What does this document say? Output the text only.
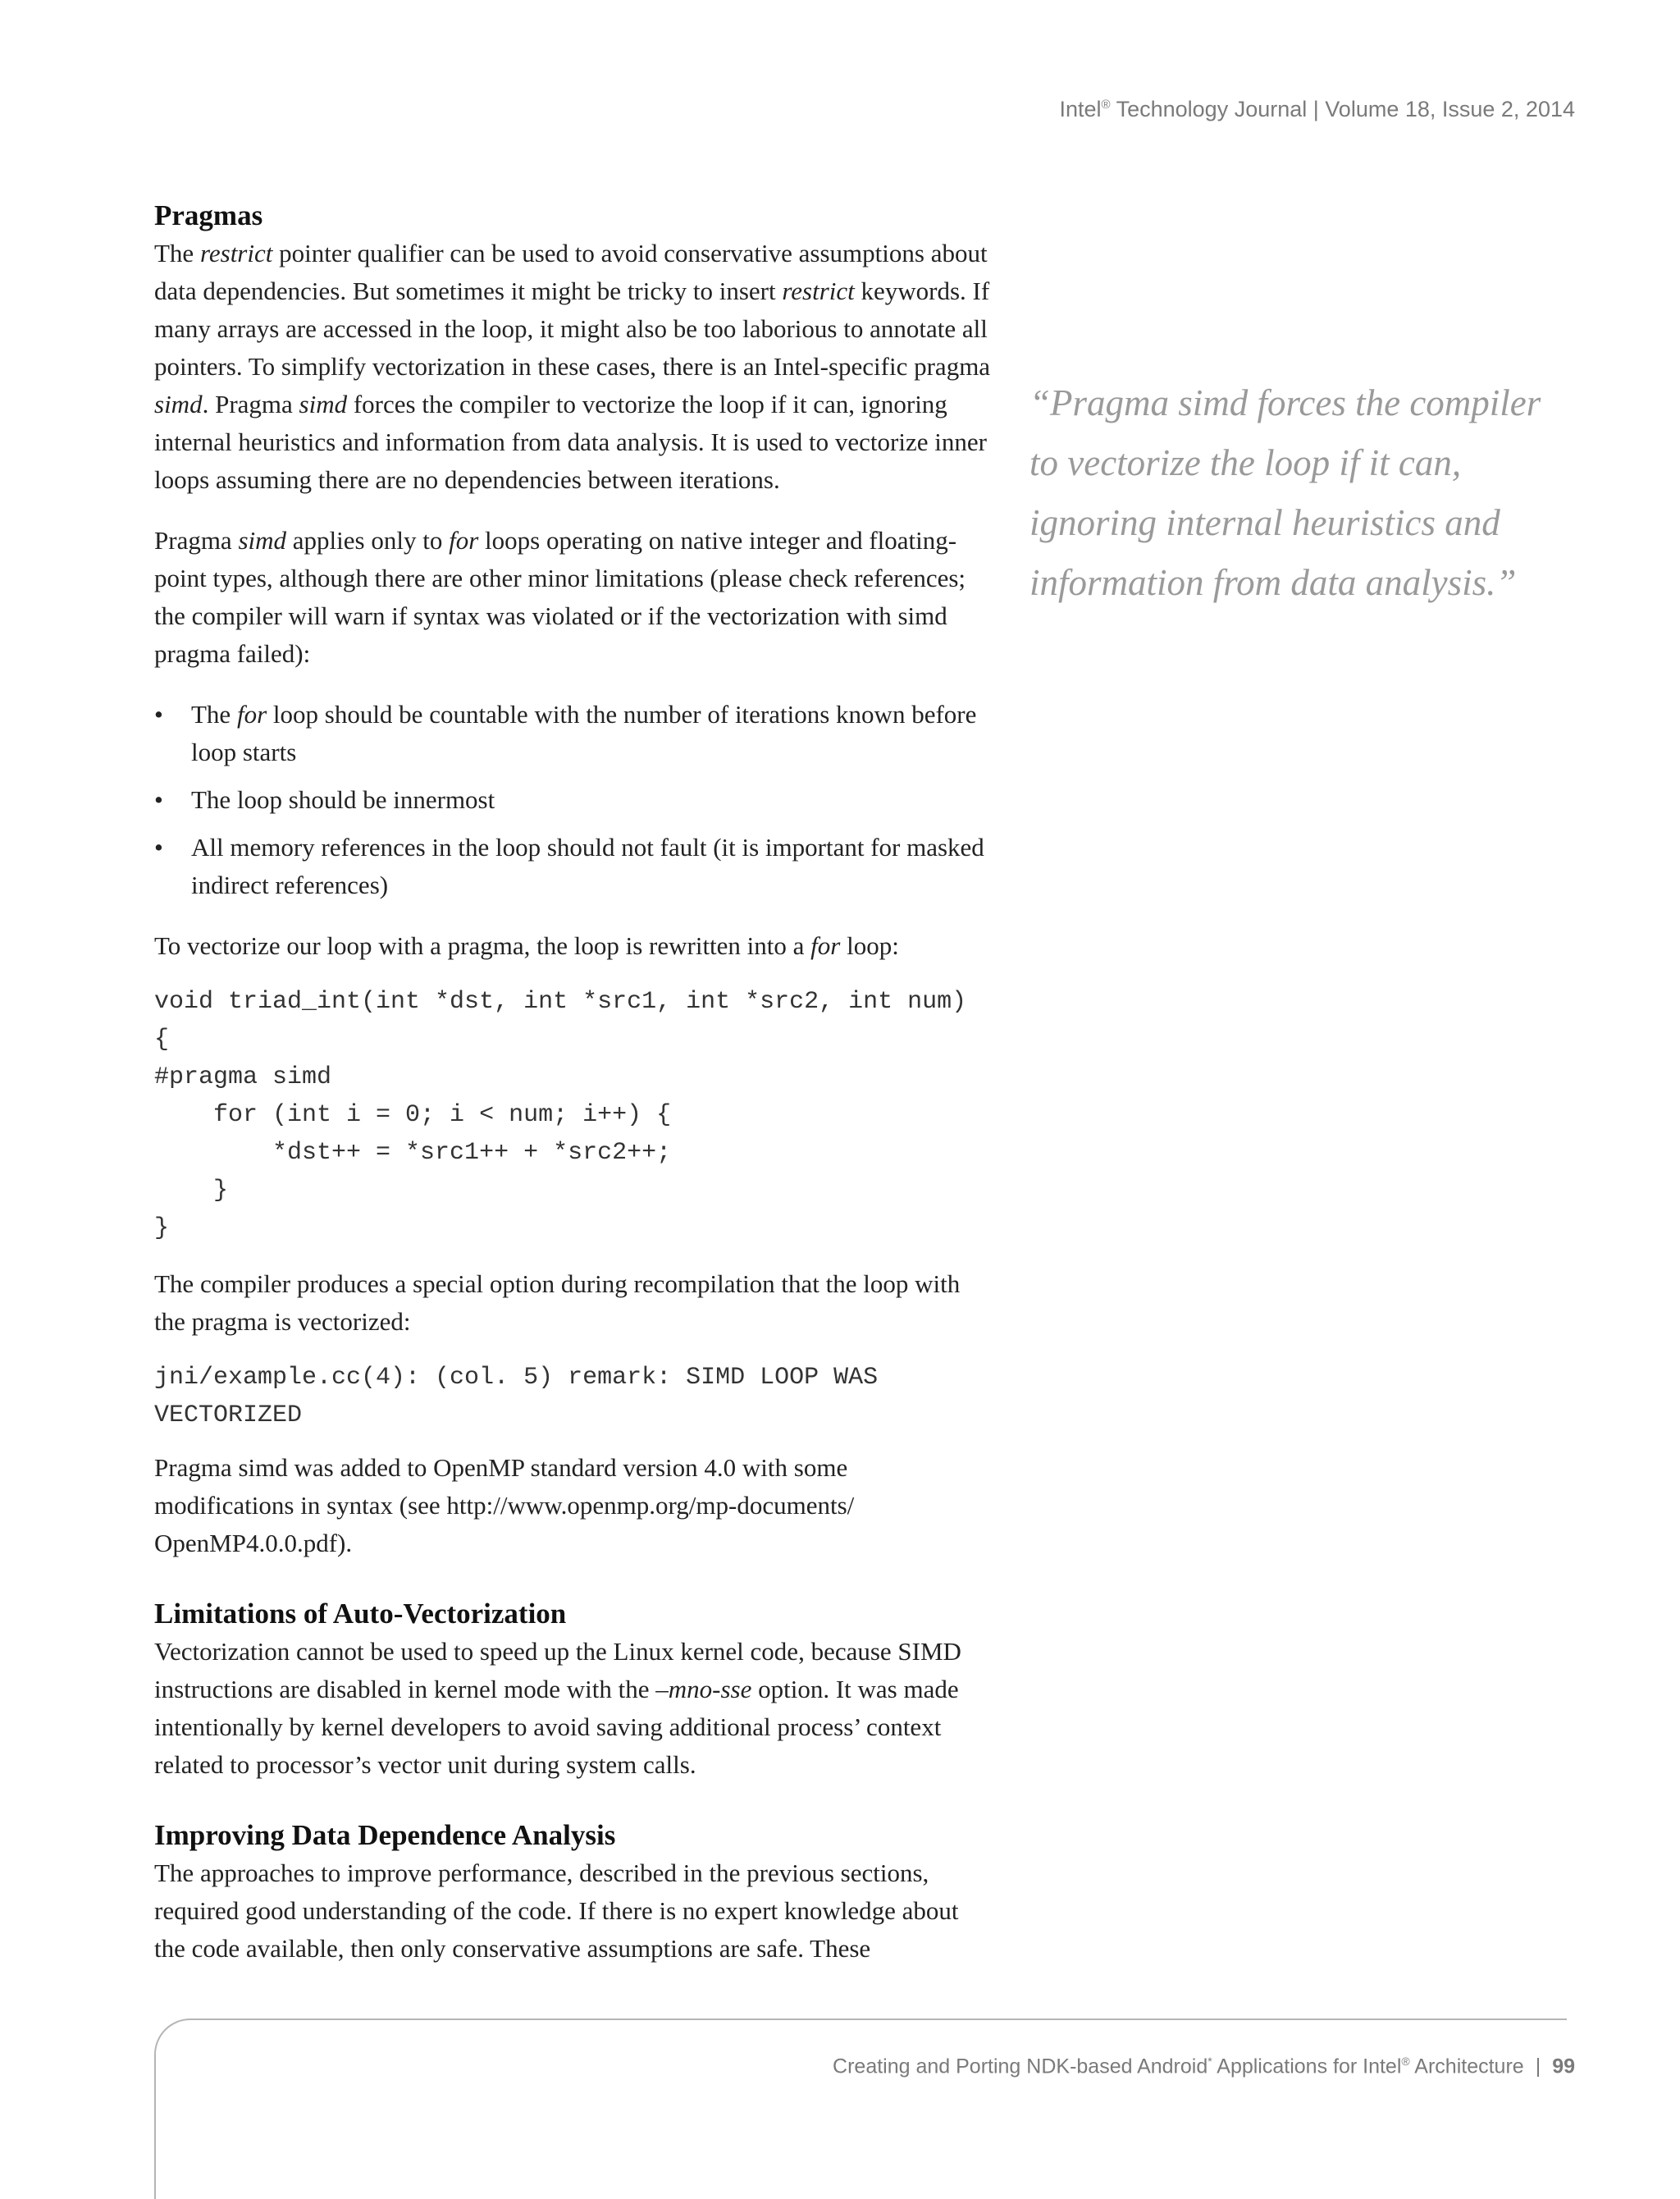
Intel® Technology Journal | Volume 18, Issue 2, 2014
Pragmas

The restrict pointer qualifier can be used to avoid conservative assumptions about data dependencies. But sometimes it might be tricky to insert restrict keywords. If many arrays are accessed in the loop, it might also be too laborious to annotate all pointers. To simplify vectorization in these cases, there is an Intel-specific pragma simd. Pragma simd forces the compiler to vectorize the loop if it can, ignoring internal heuristics and information from data analysis. It is used to vectorize inner loops assuming there are no dependencies between iterations.

Pragma simd applies only to for loops operating on native integer and floating-point types, although there are other minor limitations (please check references; the compiler will warn if syntax was violated or if the vectorization with simd pragma failed):

• The for loop should be countable with the number of iterations known before loop starts
• The loop should be innermost
• All memory references in the loop should not fault (it is important for masked indirect references)

To vectorize our loop with a pragma, the loop is rewritten into a for loop:

void triad_int(int *dst, int *src1, int *src2, int num)
{
#pragma simd
for (int i = 0; i < num; i++) {
*dst++ = *src1++ + *src2++;
}
}

The compiler produces a special option during recompilation that the loop with the pragma is vectorized:

jni/example.cc(4): (col. 5) remark: SIMD LOOP WAS
VECTORIZED

Pragma simd was added to OpenMP standard version 4.0 with some modifications in syntax (see http://www.openmp.org/mp-documents/ OpenMP4.0.0.pdf).

Limitations of Auto-Vectorization

Vectorization cannot be used to speed up the Linux kernel code, because SIMD instructions are disabled in kernel mode with the –mno-sse option. It was made intentionally by kernel developers to avoid saving additional process’ context related to processor’s vector unit during system calls.

Improving Data Dependence Analysis

The approaches to improve performance, described in the previous sections, required good understanding of the code. If there is no expert knowledge about the code available, then only conservative assumptions are safe. These

“Pragma simd forces the compiler to vectorize the loop if it can, ignoring internal heuristics and information from data analysis.”
Creating and Porting NDK-based Android* Applications for Intel® Architecture | 99
